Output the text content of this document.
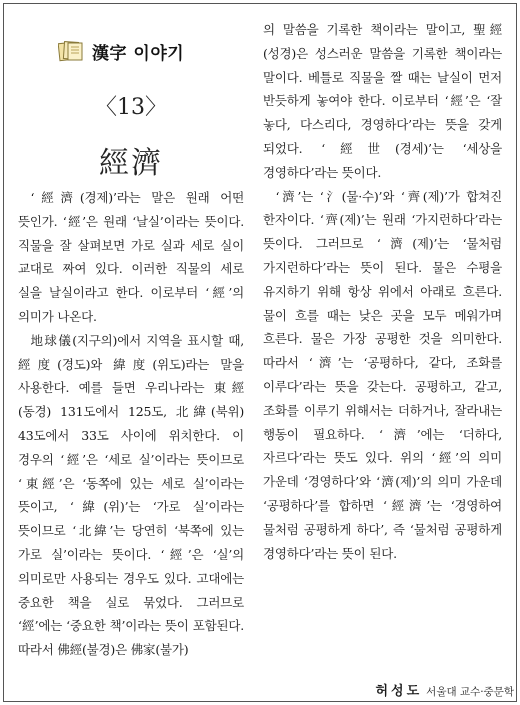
漢字 이야기
〈13〉
經濟

‘經濟(경제)’라는 말은 원래 어떤 뜻인가. ‘經’은 원래 ‘날실’이라는 뜻이다. 직물을 잘 살펴보면 가로 실과 세로 실이 교대로 짜여 있다. 이러한 직물의 세로 실을 날실이라고 한다. 이로부터 ‘經’의 의미가 나온다.

地球儀(지구의)에서 지역을 표시할 때, 經度(경도)와 緯度(위도)라는 말을 사용한다. 예를 들면 우리나라는 東經(동경) 131도에서 125도, 北緯(북위) 43도에서 33도 사이에 위치한다. 이 경우의 ‘經’은 ‘세로 실’이라는 뜻이므로 ‘東經’은 ‘동쪽에 있는 세로 실’이라는 뜻이고, ‘緯(위)’는 ‘가로 실’이라는 뜻이므로 ‘北緯’는 당연히 ‘북쪽에 있는 가로 실’이라는 뜻이다. ‘經’은 ‘실’의 의미로만 사용되는 경우도 있다. 고대에는 중요한 책을 실로 묶었다. 그러므로 ‘經’에는 ‘중요한 책’이라는 뜻이 포함된다. 따라서 佛經(불경)은 佛家(불가)

의 말씀을 기록한 책이라는 말이고, 聖經(성경)은 성스러운 말씀을 기록한 책이라는 말이다. 베틀로 직물을 짤 때는 날실이 먼저 반듯하게 놓여야 한다. 이로부터 ‘經’은 ‘잘 놓다, 다스리다, 경영하다’라는 뜻을 갖게 되었다. ‘經世(경세)’는 ‘세상을 경영하다’라는 뜻이다.

‘濟’는 ‘氵(물·수)’와 ‘齊(제)’가 합쳐진 한자이다. ‘齊(제)’는 원래 ‘가지런하다’라는 뜻이다. 그러므로 ‘濟(제)’는 ‘물처럼 가지런하다’라는 뜻이 된다. 물은 수평을 유지하기 위해 항상 위에서 아래로 흐른다. 물이 흐를 때는 낮은 곳을 모두 메워가며 흐른다. 물은 가장 공평한 것을 의미한다. 따라서 ‘濟’는 ‘공평하다, 같다, 조화를 이루다’라는 뜻을 갖는다. 공평하고, 같고, 조화를 이루기 위해서는 더하거나, 잘라내는 행동이 필요하다. ‘濟’에는 ‘더하다, 자르다’라는 뜻도 있다. 위의 ‘經’의 의미 가운데 ‘경영하다’와 ‘濟(제)’의 의미 가운데 ‘공평하다’를 합하면 ‘經濟’는 ‘경영하여 물처럼 공평하게 하다’, 즉 ‘물처럼 공평하게 경영하다’라는 뜻이 된다.

허성도 서울대 교수·중문학
